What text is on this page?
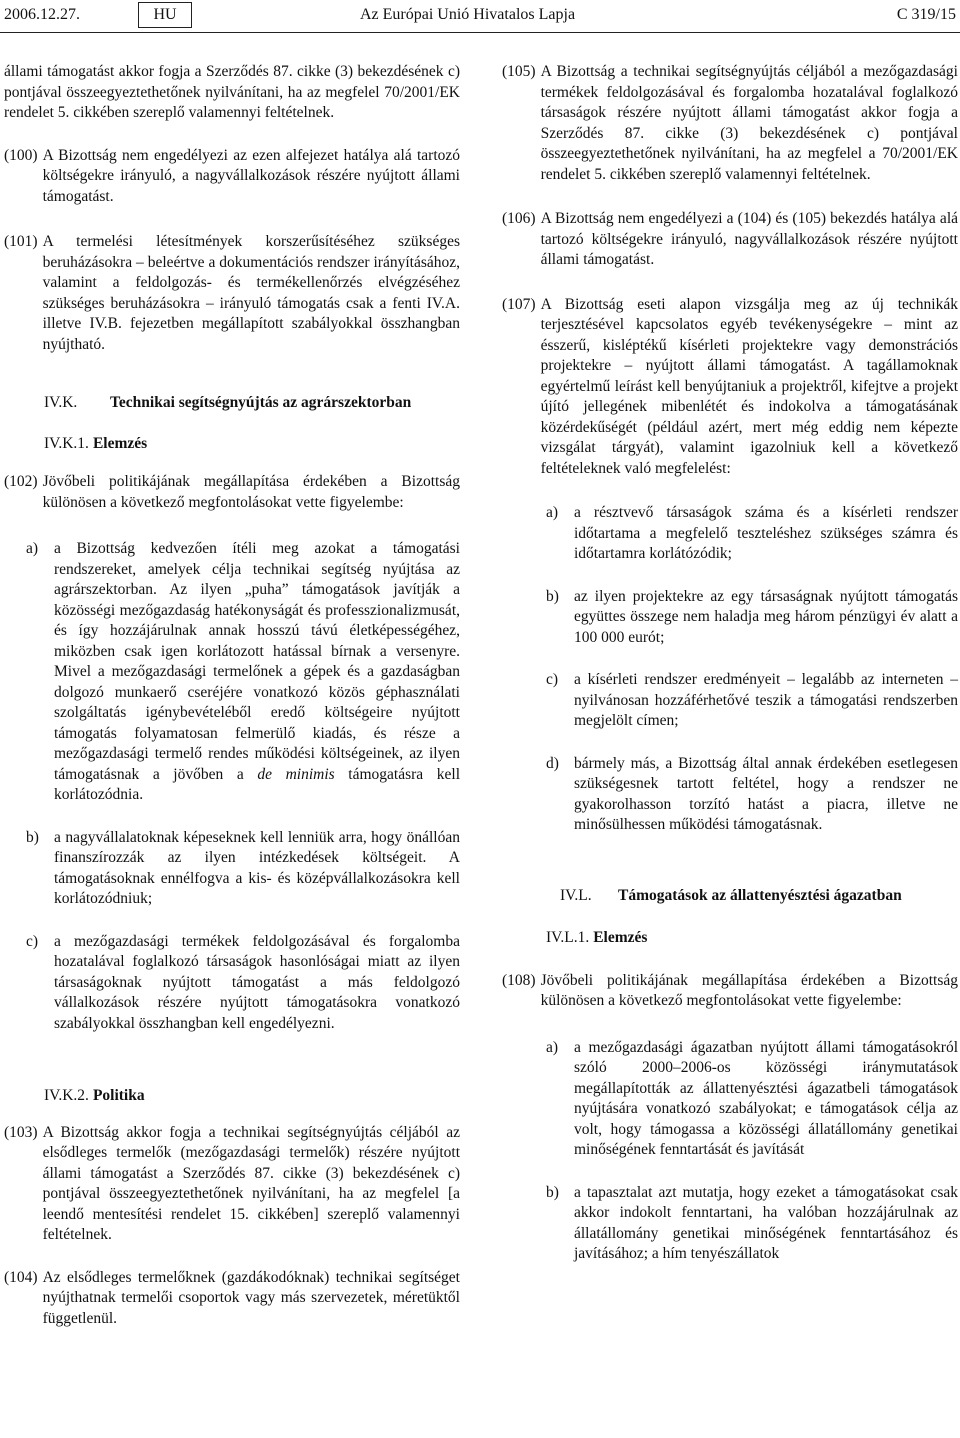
2006.12.27.	HU	Az Európai Unió Hivatalos Lapja	C 319/15

állami támogatást akkor fogja a Szerződés 87. cikke (3) bekezdésének c) pontjával összeegyeztethetőnek nyilvánítani, ha az megfelel 70/2001/EK rendelet 5. cikkében szereplő valamennyi feltételnek.

(100) A Bizottság nem engedélyezi az ezen alfejezet hatálya alá tartozó költségekre irányuló, a nagyvállalkozások részére nyújtott állami támogatást.
(101) A termelési létesítmények korszerűsítéséhez szükséges beruházásokra – beleértve a dokumentációs rendszer irányításához, valamint a feldolgozás- és termékellenőrzés elvégzéséhez szükséges beruházásokra – irányuló támogatás csak a fenti IV.A. illetve IV.B. fejezetben megállapított szabályokkal összhangban nyújtható.
IV.K.	Technikai segítségnyújtás az agrárszektorban
IV.K.1. Elemzés
(102) Jövőbeli politikájának megállapítása érdekében a Bizottság különösen a következő megfontolásokat vette figyelembe:
a)	a Bizottság kedvezően ítéli meg azokat a támogatási rendszereket, amelyek célja technikai segítség nyújtása az agrárszektorban. Az ilyen „puha” támogatások javítják a közösségi mezőgazdaság hatékonyságát és professzionalizmusát, és így hozzájárulnak annak hosszú távú életképességéhez, miközben csak igen korlátozott hatással bírnak a versenyre. Mivel a mezőgazdasági termelőnek a gépek és a gazdaságban dolgozó munkaerő cseréjére vonatkozó közös géphasználati szolgáltatás igénybevételéből eredő költségeire nyújtott támogatás folyamatosan felmerülő kiadás, és része a mezőgazdasági termelő rendes működési költségeinek, az ilyen támogatásnak a jövőben a de minimis támogatásra kell korlátozódnia.
b) a nagyvállalatoknak képeseknek kell lenniük arra, hogy önállóan finanszírozzák az ilyen intézkedések költségeit. A támogatásoknak ennélfogva a kis- és középvállalkozásokra kell korlátozódniuk;
c)	a mezőgazdasági termékek feldolgozásával és forgalomba hozatalával foglalkozó társaságok hasonlóságai miatt az ilyen társaságoknak nyújtott támogatást a más feldolgozó vállalkozások részére nyújtott támogatásokra vonatkozó szabályokkal összhangban kell engedélyezni.
IV.K.2. Politika
(103) A Bizottság akkor fogja a technikai segítségnyújtás céljából az elsődleges termelők (mezőgazdasági termelők) részére nyújtott állami támogatást a Szerződés 87. cikke (3) bekezdésének c) pontjával összeegyeztethetőnek nyilvánítani, ha az megfelel [a leendő mentesítési rendelet 15. cikkében] szereplő valamennyi feltételnek.
(104) Az elsődleges termelőknek (gazdákodóknak) technikai segítséget nyújthatnak termelői csoportok vagy más szervezetek, méretüktől függetlenül.
(105) A Bizottság a technikai segítségnyújtás céljából a mezőgazdasági termékek feldolgozásával és forgalomba hozatalával foglalkozó társaságok részére nyújtott állami támogatást akkor fogja a Szerződés 87. cikke (3) bekezdésének c) pontjával összeegyeztethetőnek nyilvánítani, ha az megfelel a 70/2001/EK rendelet 5. cikkében szereplő valamennyi feltételnek.
(106) A Bizottság nem engedélyezi a (104) és (105) bekezdés hatálya alá tartozó költségekre irányuló, nagyvállalkozások részére nyújtott állami támogatást.
(107) A Bizottság eseti alapon vizsgálja meg az új technikák terjesztésével kapcsolatos egyéb tevékenységekre – mint az ésszerű, kisléptékű kísérleti projektekre vagy demonstrációs projektekre – nyújtott állami támogatást. A tagállamoknak egyértelmű leírást kell benyújtaniuk a projektről, kifejtve a projekt újító jellegének mibenlétét és indokolva a támogatásának közérdekűségét (például azért, mert még eddig nem képezte vizsgálat tárgyát), valamint igazolniuk kell a következő feltételeknek való megfelelést:
a)	a résztvevő társaságok száma és a kísérleti rendszer időtartama a megfelelő teszteléshez szükséges számra és időtartamra korlátózódik;
b) az ilyen projektekre az egy társaságnak nyújtott támogatás együttes összege nem haladja meg három pénzügyi év alatt a 100 000 eurót;
c)	a kísérleti rendszer eredményeit – legalább az interneten – nyilvánosan hozzáférhetővé teszik a támogatási rendszerben megjelölt címen;
d) bármely más, a Bizottság által annak érdekében esetlegesen szükségesnek tartott feltétel, hogy a rendszer ne gyakorolhasson torzító hatást a piacra, illetve ne minősülhessen működési támogatásnak.
IV.L.	Támogatások az állattenyésztési ágazatban
IV.L.1. Elemzés
(108) Jövőbeli politikájának megállapítása érdekében a Bizottság különösen a következő megfontolásokat vette figyelembe:
a)	a mezőgazdasági ágazatban nyújtott állami támogatásokról szóló 2000–2006-os közösségi iránymutatások megállapították az állattenyésztési ágazatbeli támogatások nyújtására vonatkozó szabályokat; e támogatások célja az volt, hogy támogassa a közösségi állatállomány genetikai minőségének fenntartását és javítását
b) a tapasztalat azt mutatja, hogy ezeket a támogatásokat csak akkor indokolt fenntartani, ha valóban hozzájárulnak az állatállomány genetikai minőségének fenntartásához és javításához; a hím tenyészállatok
